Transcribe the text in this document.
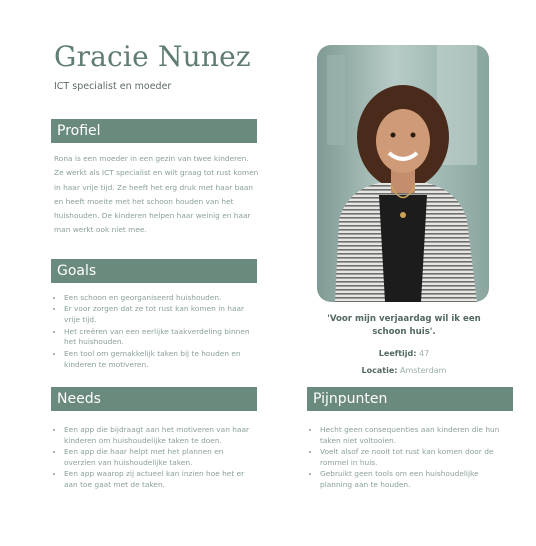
Gracie Nunez
ICT specialist en moeder
Profiel
Rona is een moeder in een gezin van twee kinderen. Ze werkt als ICT specialist en wilt graag tot rust komen in haar vrije tijd. Ze heeft het erg druk met haar baan en heeft moeite met het schoon houden van het huishouden. De kinderen helpen haar weinig en haar man werkt ook niet mee.
Goals
• Een schoon en georganiseerd huishouden.
• Er voor zorgen dat ze tot rust kan komen in haar vrije tijd.
• Het creëren van een eerlijke taakverdeling binnen het huishouden.
• Een tool om gemakkelijk taken bij te houden en kinderen te motiveren.
Needs
• Een app die bijdraagt aan het motiveren van haar kinderen om huishoudelijke taken te doen.
• Een app die haar helpt met het plannen en overzien van huishoudelijke taken.
• Een app waarop zij actueel kan inzien hoe het er aan toe gaat met de taken.
'Voor mijn verjaardag wil ik een schoon huis'.
Leeftijd: 47
Locatie: Amsterdam
Pijnpunten
• Hecht geen consequenties aan kinderen die hun taken niet voltooien.
• Voelt alsof ze nooit tot rust kan komen door de rommel in huis.
• Gebruikt geen tools om een huishoudelijke planning aan te houden.
